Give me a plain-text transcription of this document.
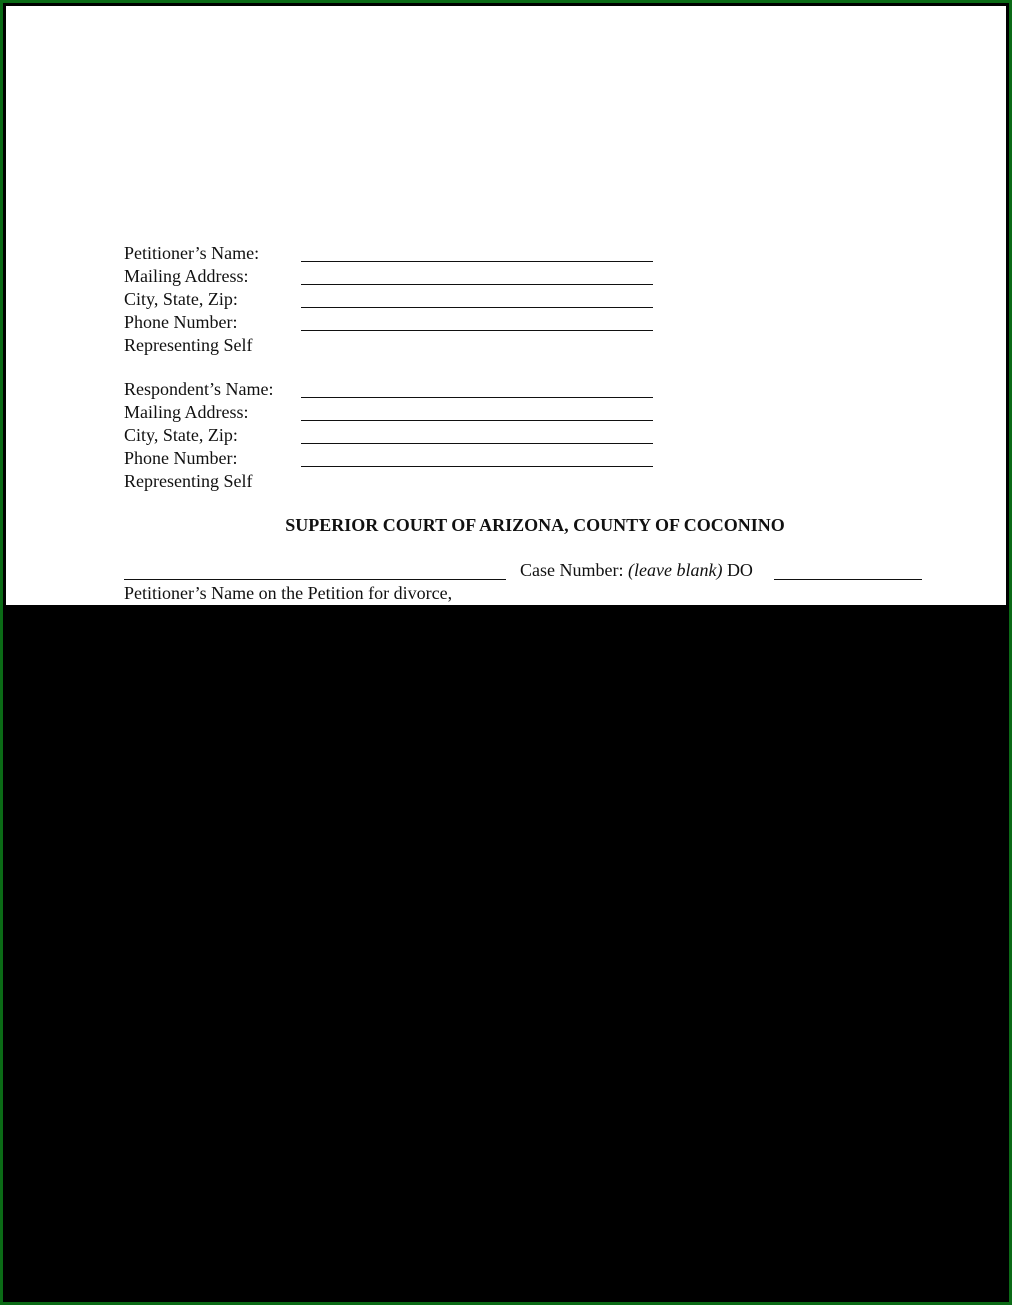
Petitioner’s Name:
Mailing Address:
City, State, Zip:
Phone Number:
Representing Self
Respondent’s Name:
Mailing Address:
City, State, Zip:
Phone Number:
Representing Self
SUPERIOR COURT OF ARIZONA, COUNTY OF COCONINO
Case Number: (leave blank) DO
Petitioner’s Name on the Petition for divorce,
